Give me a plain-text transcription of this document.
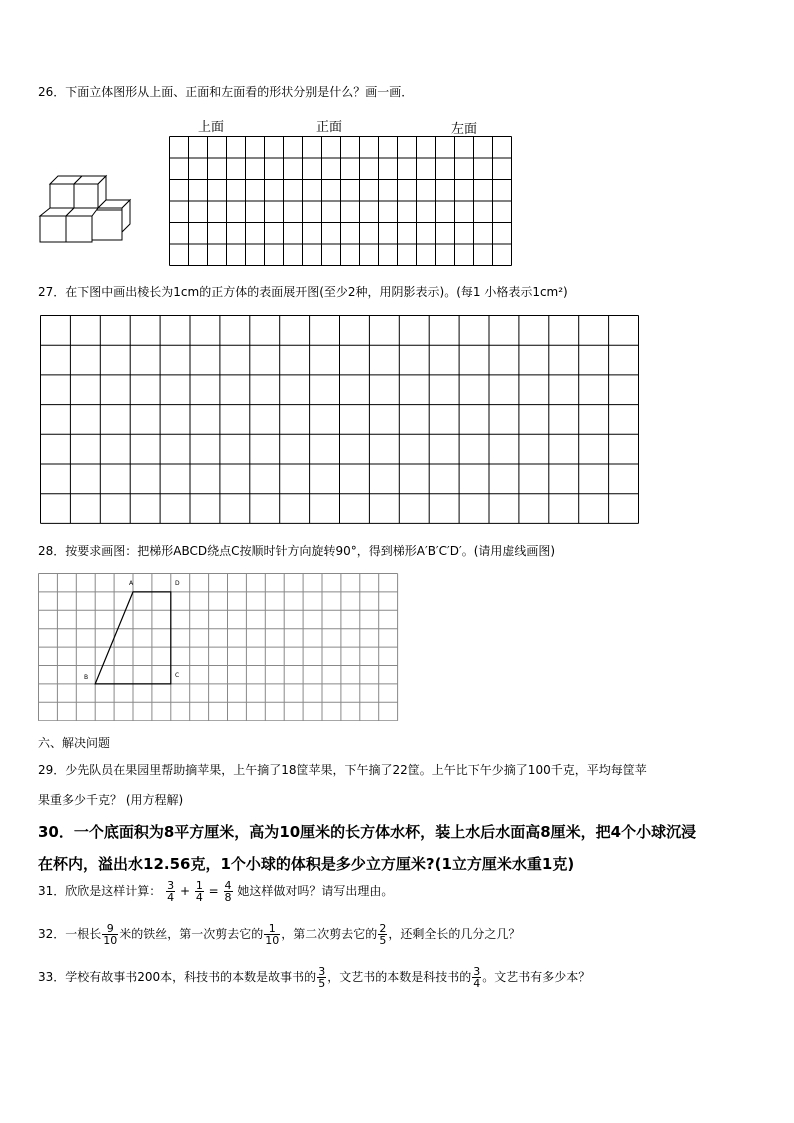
26．下面立体图形从上面、正面和左面看的形状分别是什么？画一画．
上面	正面	左面
27．在下图中画出棱长为1cm的正方体的表面展开图(至少2种，用阴影表示)。(每1 小格表示1cm²)
28．按要求画图：把梯形ABCD绕点C按顺时针方向旋转90°，得到梯形A′B′C′D′。(请用虚线画图)
A	D
B	C
六、解决问题
29．少先队员在果园里帮助摘苹果，上午摘了18筐苹果，下午摘了22筐。上午比下午少摘了100千克，平均每筐苹
果重多少千克？ (用方程解)
30．一个底面积为8平方厘米，高为10厘米的长方体水杯，装上水后水面高8厘米，把4个小球沉浸
在杯内，溢出水12.56克，1个小球的体积是多少立方厘米?(1立方厘米水重1克)
31．欣欣是这样计算： $\frac{3}{4} + \frac{1}{4} = \frac{4}{8}$ 她这样做对吗？请写出理由。
32．一根长 $\frac{9}{10}$ 米的铁丝，第一次剪去它的 $\frac{1}{10}$ ，第二次剪去它的 $\frac{2}{5}$ ，还剩全长的几分之几？
33．学校有故事书200本，科技书的本数是故事书的 $\frac{3}{5}$ ，文艺书的本数是科技书的 $\frac{3}{4}$ 。文艺书有多少本？
